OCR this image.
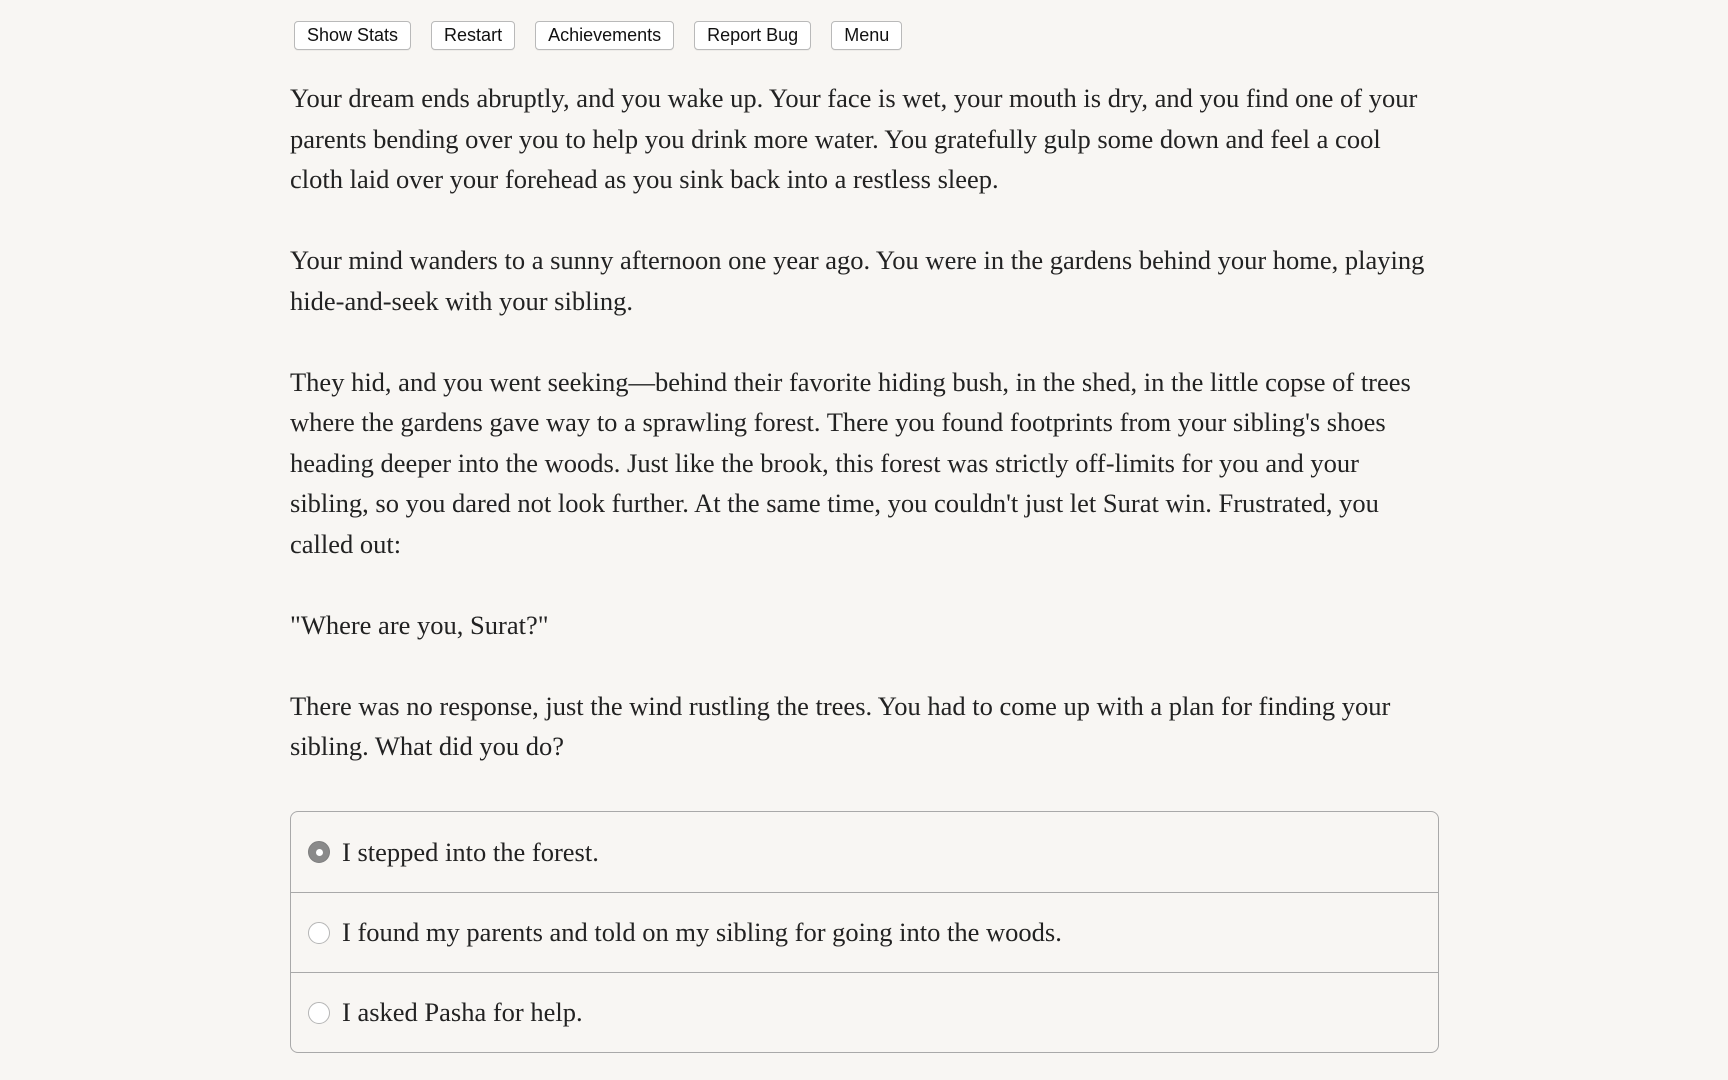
Show Stats	Restart	Achievements	Report Bug	Menu

Your dream ends abruptly, and you wake up. Your face is wet, your mouth is dry, and you find one of your parents bending over you to help you drink more water. You gratefully gulp some down and feel a cool cloth laid over your forehead as you sink back into a restless sleep.

Your mind wanders to a sunny afternoon one year ago. You were in the gardens behind your home, playing hide-and-seek with your sibling.

They hid, and you went seeking—behind their favorite hiding bush, in the shed, in the little copse of trees where the gardens gave way to a sprawling forest. There you found footprints from your sibling's shoes heading deeper into the woods. Just like the brook, this forest was strictly off-limits for you and your sibling, so you dared not look further. At the same time, you couldn't just let Surat win. Frustrated, you called out:

"Where are you, Surat?"

There was no response, just the wind rustling the trees. You had to come up with a plan for finding your sibling. What did you do?

I stepped into the forest.
I found my parents and told on my sibling for going into the woods.
I asked Pasha for help.
